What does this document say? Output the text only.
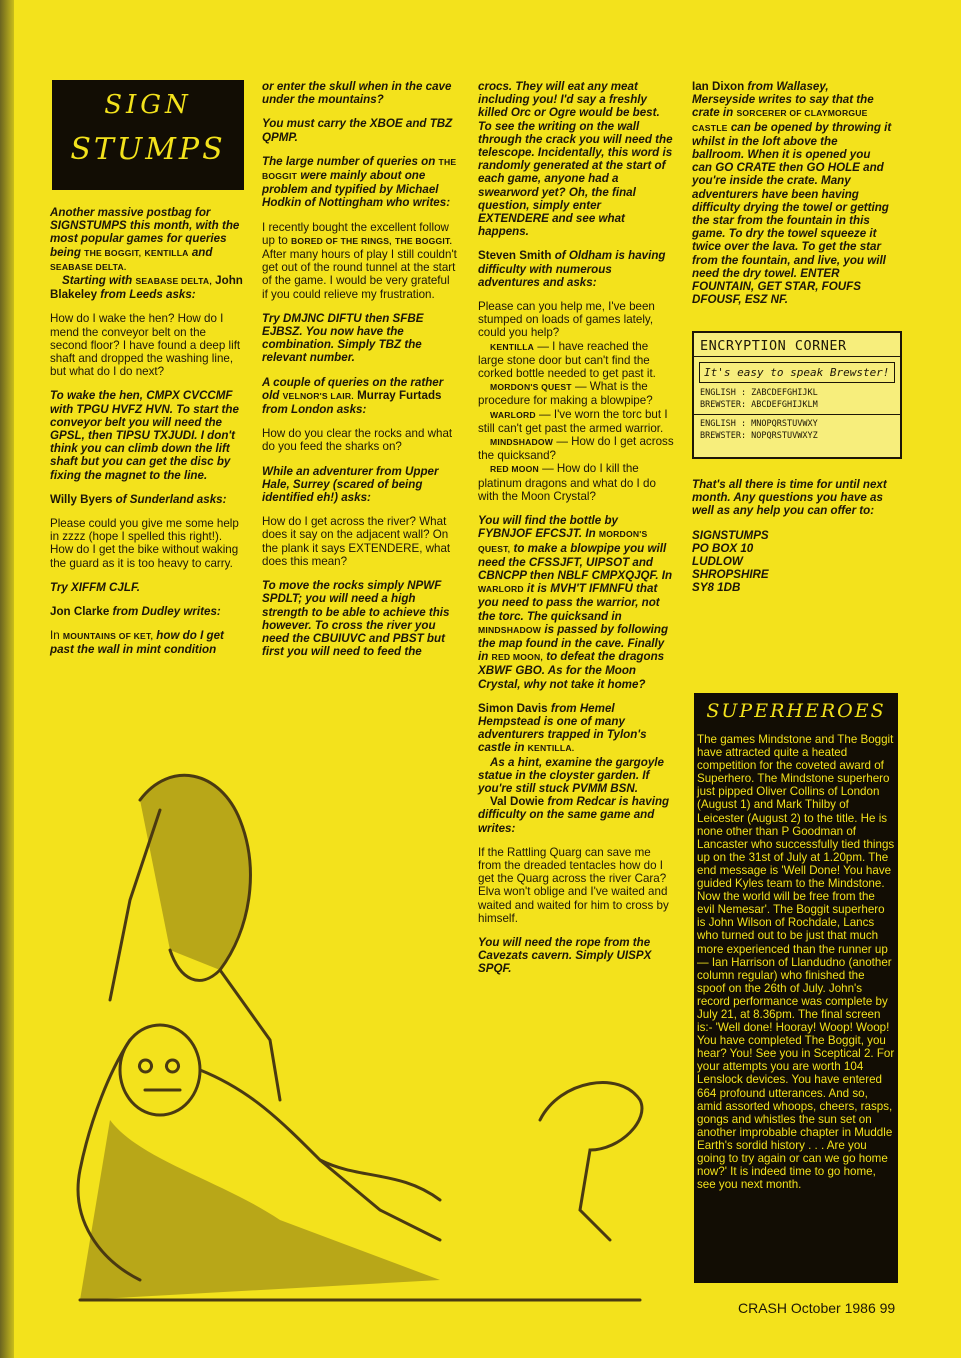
SIGN
STUMPS

Another massive postbag for SIGNSTUMPS this month, with the most popular games for queries being THE BOGGIT, KENTILLA and SEABASE DELTA.
Starting with SEABASE DELTA, John Blakeley from Leeds asks:

How do I wake the hen? How do I mend the conveyor belt on the second floor? I have found a deep lift shaft and dropped the washing line, but what do I do next?

To wake the hen, CMPX CVCCMF with TPGU HVFZ HVN. To start the conveyor belt you will need the GPSL, then TIPSU TXJUDI. I don't think you can climb down the lift shaft but you can get the disc by fixing the magnet to the line.

Willy Byers of Sunderland asks:

Please could you give me some help in zzzz (hope I spelled this right!). How do I get the bike without waking the guard as it is too heavy to carry.

Try XIFFM CJLF.

Jon Clarke from Dudley writes:

In MOUNTAINS OF KET, how do I get past the wall in mint condition

or enter the skull when in the cave under the mountains?

You must carry the XBOE and TBZ QPMP.

The large number of queries on THE BOGGIT were mainly about one problem and typified by Michael Hodkin of Nottingham who writes:

I recently bought the excellent follow up to BORED OF THE RINGS, THE BOGGIT. After many hours of play I still couldn't get out of the round tunnel at the start of the game. I would be very grateful if you could relieve my frustration.

Try DMJNC DIFTU then SFBE EJBSZ. You now have the combination. Simply TBZ the relevant number.

A couple of queries on the rather old VELNOR'S LAIR. Murray Furtads from London asks:

How do you clear the rocks and what do you feed the sharks on?

While an adventurer from Upper Hale, Surrey (scared of being identified eh!) asks:

How do I get across the river? What does it say on the adjacent wall? On the plank it says EXTENDERE, what does this mean?

To move the rocks simply NPWF SPDLT; you will need a high strength to be able to achieve this however. To cross the river you need the CBUIUVC and PBST but first you will need to feed the

crocs. They will eat any meat including you! I'd say a freshly killed Orc or Ogre would be best. To see the writing on the wall through the crack you will need the telescope. Incidentally, this word is randomly generated at the start of each game, anyone had a swearword yet? Oh, the final question, simply enter EXTENDERE and see what happens.

Steven Smith of Oldham is having difficulty with numerous adventures and asks:

Please can you help me, I've been stumped on loads of games lately, could you help?

KENTILLA — I have reached the large stone door but can't find the corked bottle needed to get past it.

MORDON'S QUEST — What is the procedure for making a blowpipe?

WARLORD — I've worn the torc but I still can't get past the armed warrior.

MINDSHADOW — How do I get across the quicksand?

RED MOON — How do I kill the platinum dragons and what do I do with the Moon Crystal?

You will find the bottle by FYBNJOF EFCSJT. In MORDON'S QUEST, to make a blowpipe you will need the CFSSJFT, UIPSOT and CBNCPP then NBLF CMPXQJQF. In WARLORD it is MVH'T IFMNFU that you need to pass the warrior, not the torc. The quicksand in MINDSHADOW is passed by following the map found in the cave. Finally in RED MOON, to defeat the dragons XBWF GBO. As for the Moon Crystal, why not take it home?

Simon Davis from Hemel Hempstead is one of many adventurers trapped in Tylon's castle in KENTILLA.

As a hint, examine the gargoyle statue in the cloyster garden. If you're still stuck PVMM BSN.

Val Dowie from Redcar is having difficulty on the same game and writes:

If the Rattling Quarg can save me from the dreaded tentacles how do I get the Quarg across the river Cara? Elva won't oblige and I've waited and waited and waited for him to cross by himself.

You will need the rope from the Cavezats cavern. Simply UISPX SPQF.

Ian Dixon from Wallasey, Merseyside writes to say that the crate in SORCERER OF CLAYMORGUE CASTLE can be opened by throwing it whilst in the loft above the ballroom. When it is opened you can GO CRATE then GO HOLE and you're inside the crate. Many adventurers have been having difficulty drying the towel or getting the star from the fountain in this game. To dry the towel squeeze it twice over the lava. To get the star from the fountain, and live, you will need the dry towel. ENTER FOUNTAIN, GET STAR, FOUFS DFOUSF, ESZ NF.

ENCRYPTION CORNER
It's easy to speak Brewster!
ENGLISH : ZABCDEFGHIJKL
BREWSTER: ABCDEFGHIJKLM
ENGLISH : MNOPQRSTUVWXY
BREWSTER: NOPQRSTUVWXYZ

That's all there is time for until next month. Any questions you have as well as any help you can offer to:

SIGNSTUMPS
PO BOX 10
LUDLOW
SHROPSHIRE
SY8 1DB
SUPERHEROES

The games Mindstone and The Boggit have attracted quite a heated competition for the coveted award of Superhero. The Mindstone superhero just pipped Oliver Collins of London (August 1) and Mark Thilby of Leicester (August 2) to the title. He is none other than P Goodman of Lancaster who successfully tied things up on the 31st of July at 1.20pm. The end message is 'Well Done! You have guided Kyles team to the Mindstone. Now the world will be free from the evil Nemesar'. The Boggit superhero is John Wilson of Rochdale, Lancs who turned out to be just that much more experienced than the runner up — Ian Harrison of Llandudno (another column regular) who finished the spoof on the 26th of July. John's record performance was complete by July 21, at 8.36pm. The final screen is:- 'Well done! Hooray! Woop! Woop! You have completed The Boggit, you hear? You! See you in Sceptical 2. For your attempts you are worth 104 Lenslock devices. You have entered 664 profound utterances. And so, amid assorted whoops, cheers, rasps, gongs and whistles the sun set on another improbable chapter in Muddle Earth's sordid history . . . Are you going to try again or can we go home now?' It is indeed time to go home, see you next month.

CRASH October 1986 99
